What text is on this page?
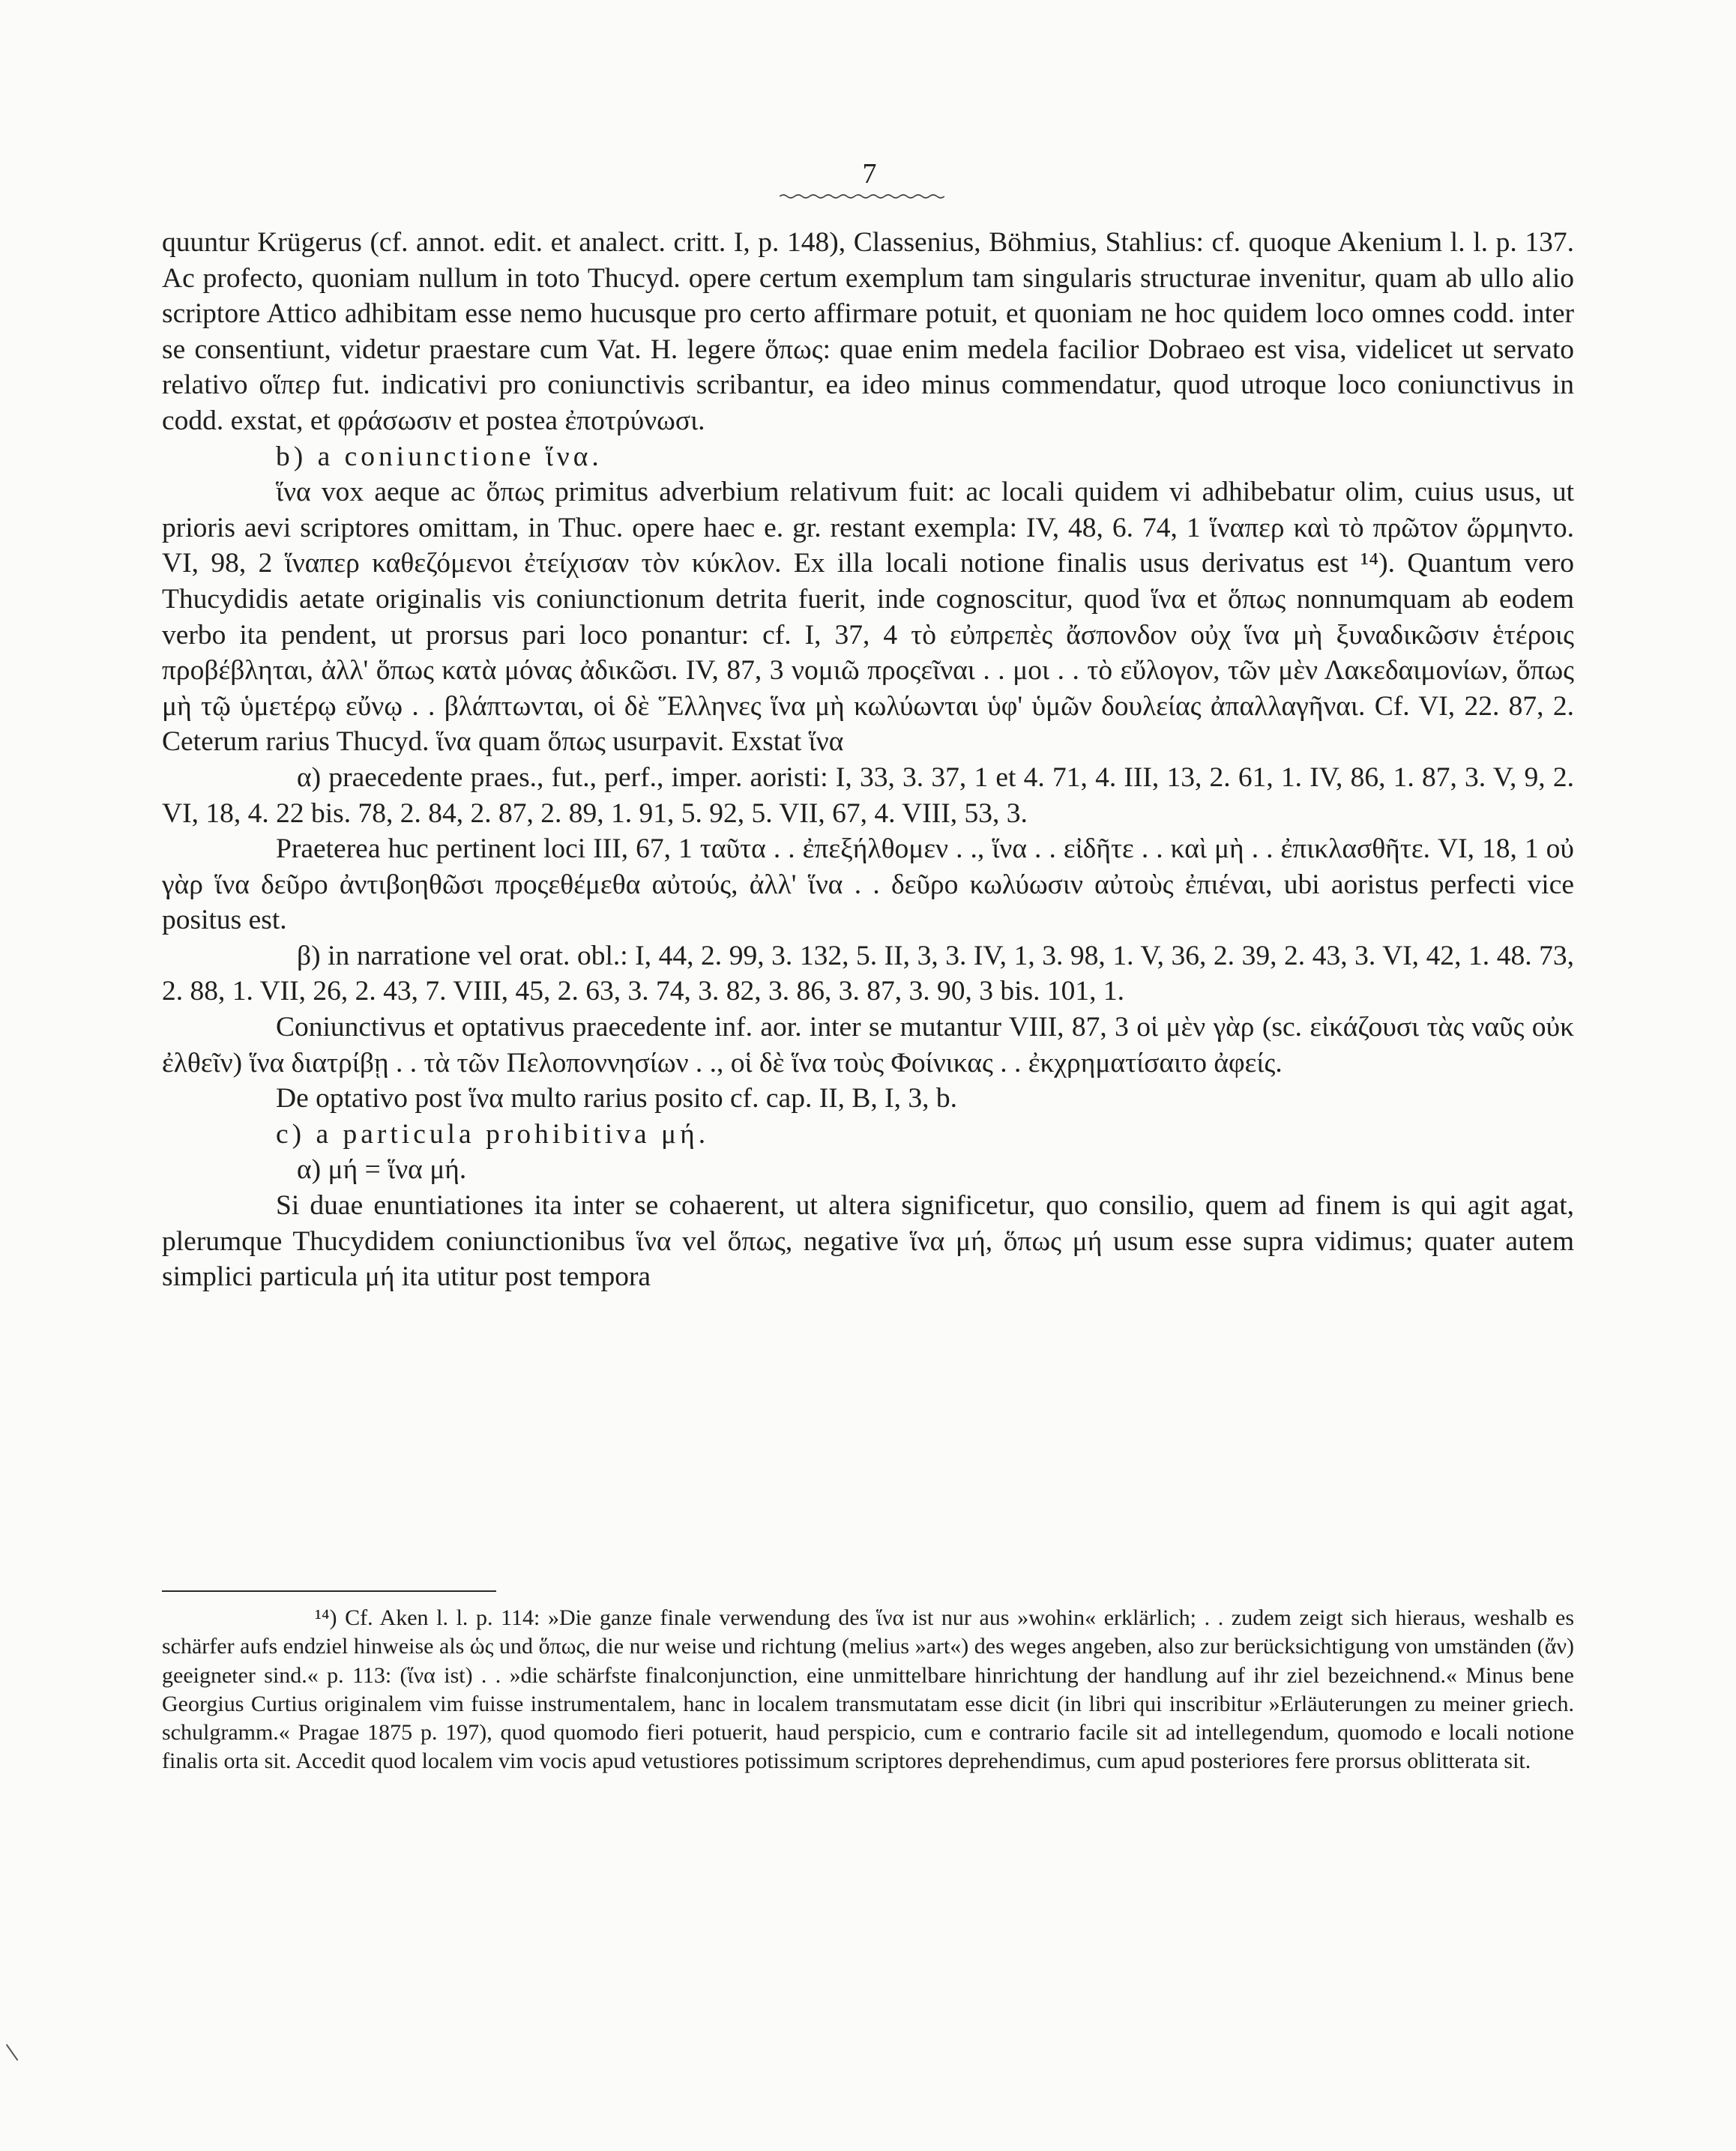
7

quuntur Krügerus (cf. annot. edit. et analect. critt. I, p. 148), Classenius, Böhmius, Stahlius: cf. quoque Akenium l. l. p. 137. Ac profecto, quoniam nullum in toto Thucyd. opere certum exemplum tam singularis structurae invenitur, quam ab ullo alio scriptore Attico adhibitam esse nemo hucusque pro certo affirmare potuit, et quoniam ne hoc quidem loco omnes codd. inter se consentiunt, videtur praestare cum Vat. H. legere ὅπως: quae enim medela facilior Dobraeo est visa, videlicet ut servato relativo οἵπερ fut. indicativi pro coniunctivis scribantur, ea ideo minus commendatur, quod utroque loco coniunctivus in codd. exstat, et φράσωσιν et postea ἐποτρύνωσι.

b) a coniunctione ἵνα.

ἵνα vox aeque ac ὅπως primitus adverbium relativum fuit: ac locali quidem vi adhibebatur olim, cuius usus, ut prioris aevi scriptores omittam, in Thuc. opere haec e. gr. restant exempla: IV, 48, 6. 74, 1 ἵναπερ καὶ τὸ πρῶτον ὥρμηντο. VI, 98, 2 ἵναπερ καθεζόμενοι ἐτείχισαν τὸν κύκλον. Ex illa locali notione finalis usus derivatus est ¹⁴). Quantum vero Thucydidis aetate originalis vis coniunctionum detrita fuerit, inde cognoscitur, quod ἵνα et ὅπως nonnumquam ab eodem verbo ita pendent, ut prorsus pari loco ponantur: cf. I, 37, 4 τὸ εὐπρεπὲς ἄσπονδον οὐχ ἵνα μὴ ξυναδικῶσιν ἑτέροις προβέβληται, ἀλλ' ὅπως κατὰ μόνας ἀδικῶσι. IV, 87, 3 νομιῶ προςεῖναι . . μοι . . τὸ εὔλογον, τῶν μὲν Λακεδαιμονίων, ὅπως μὴ τῷ ὑμετέρῳ εὔνῳ . . βλάπτωνται, οἱ δὲ Ἕλληνες ἵνα μὴ κωλύωνται ὑφ' ὑμῶν δουλείας ἀπαλλαγῆναι. Cf. VI, 22. 87, 2. Ceterum rarius Thucyd. ἵνα quam ὅπως usurpavit. Exstat ἵνα

α) praecedente praes., fut., perf., imper. aoristi: I, 33, 3. 37, 1 et 4. 71, 4. III, 13, 2. 61, 1. IV, 86, 1. 87, 3. V, 9, 2. VI, 18, 4. 22 bis. 78, 2. 84, 2. 87, 2. 89, 1. 91, 5. 92, 5. VII, 67, 4. VIII, 53, 3.

Praeterea huc pertinent loci III, 67, 1 ταῦτα . . ἐπεξήλθομεν . ., ἵνα . . εἰδῆτε . . καὶ μὴ . . ἐπικλασθῆτε. VI, 18, 1 οὐ γὰρ ἵνα δεῦρο ἀντιβοηθῶσι προςεθέμεθα αὐτούς, ἀλλ' ἵνα . . δεῦρο κωλύωσιν αὐτοὺς ἐπιέναι, ubi aoristus perfecti vice positus est.

β) in narratione vel orat. obl.: I, 44, 2. 99, 3. 132, 5. II, 3, 3. IV, 1, 3. 98, 1. V, 36, 2. 39, 2. 43, 3. VI, 42, 1. 48. 73, 2. 88, 1. VII, 26, 2. 43, 7. VIII, 45, 2. 63, 3. 74, 3. 82, 3. 86, 3. 87, 3. 90, 3 bis. 101, 1.

Coniunctivus et optativus praecedente inf. aor. inter se mutantur VIII, 87, 3 οἱ μὲν γὰρ (sc. εἰκάζουσι τὰς ναῦς οὐκ ἐλθεῖν) ἵνα διατρίβῃ . . τὰ τῶν Πελοποννησίων . ., οἱ δὲ ἵνα τοὺς Φοίνικας . . ἐκχρηματίσαιτο ἀφείς.

De optativo post ἵνα multo rarius posito cf. cap. II, B, I, 3, b.

c) a particula prohibitiva μή.

α) μή = ἵνα μή.

Si duae enuntiationes ita inter se cohaerent, ut altera significetur, quo consilio, quem ad finem is qui agit agat, plerumque Thucydidem coniunctionibus ἵνα vel ὅπως, negative ἵνα μή, ὅπως μή usum esse supra vidimus; quater autem simplici particula μή ita utitur post tempora

¹⁴) Cf. Aken l. l. p. 114: »Die ganze finale verwendung des ἵνα ist nur aus »wohin« erklärlich; . . zudem zeigt sich hieraus, weshalb es schärfer aufs endziel hinweise als ὡς und ὅπως, die nur weise und richtung (melius »art«) des weges angeben, also zur berücksichtigung von umständen (ἄν) geeigneter sind.« p. 113: (ἵνα ist) . . »die schärfste finalconjunction, eine unmittelbare hinrichtung der handlung auf ihr ziel bezeichnend.« Minus bene Georgius Curtius originalem vim fuisse instrumentalem, hanc in localem transmutatam esse dicit (in libri qui inscribitur »Erläuterungen zu meiner griech. schulgramm.« Pragae 1875 p. 197), quod quomodo fieri potuerit, haud perspicio, cum e contrario facile sit ad intellegendum, quomodo e locali notione finalis orta sit. Accedit quod localem vim vocis apud vetustiores potissimum scriptores deprehendimus, cum apud posteriores fere prorsus oblitterata sit.
